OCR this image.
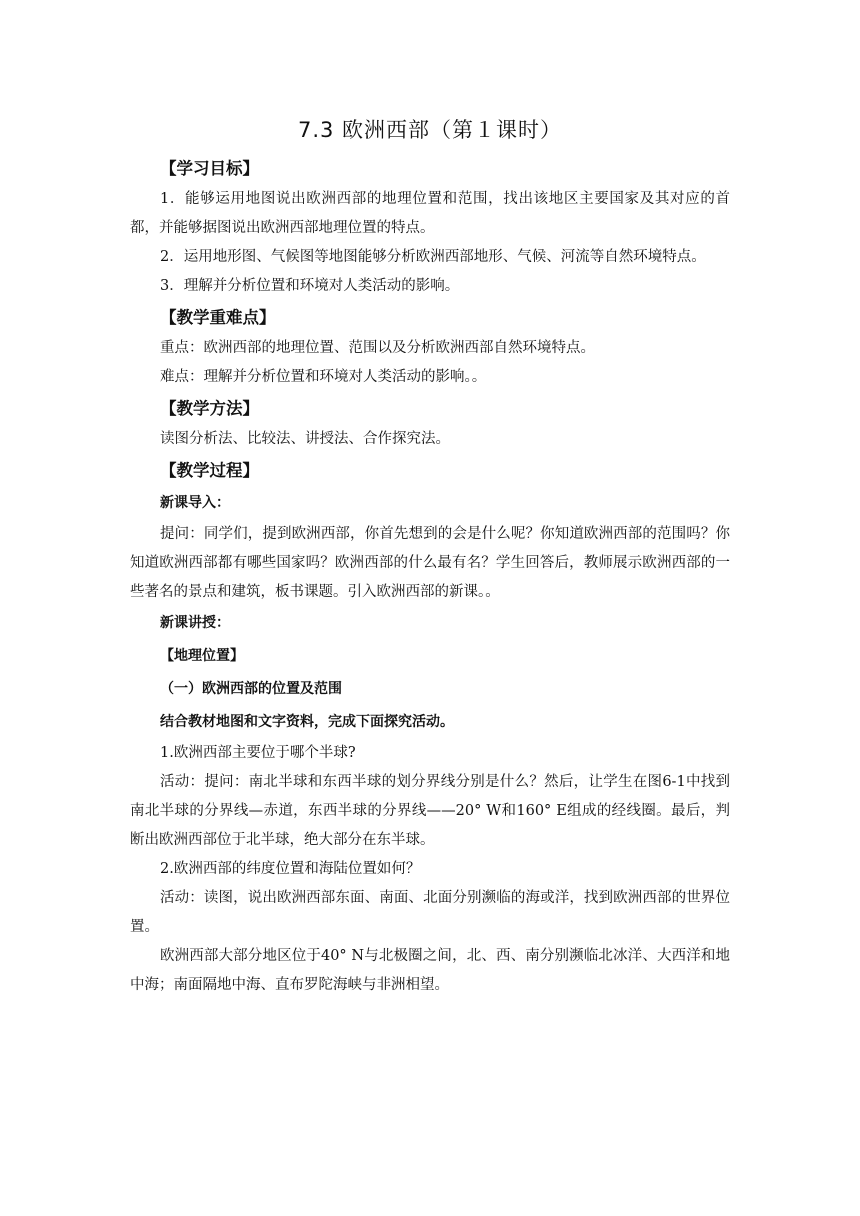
7.3 欧洲西部（第１课时）
【学习目标】

1．能够运用地图说出欧洲西部的地理位置和范围，找出该地区主要国家及其对应的首都，并能够据图说出欧洲西部地理位置的特点。

2．运用地形图、气候图等地图能够分析欧洲西部地形、气候、河流等自然环境特点。

3．理解并分析位置和环境对人类活动的影响。

【教学重难点】

重点：欧洲西部的地理位置、范围以及分析欧洲西部自然环境特点。

难点：理解并分析位置和环境对人类活动的影响。。

【教学方法】

读图分析法、比较法、讲授法、合作探究法。

【教学过程】
新课导入：

提问：同学们，提到欧洲西部，你首先想到的会是什么呢？你知道欧洲西部的范围吗？你知道欧洲西部都有哪些国家吗？欧洲西部的什么最有名？学生回答后，教师展示欧洲西部的一些著名的景点和建筑，板书课题。引入欧洲西部的新课。。

新课讲授：
【地理位置】
（一）欧洲西部的位置及范围
结合教材地图和文字资料，完成下面探究活动。

1.欧洲西部主要位于哪个半球?

活动：提问：南北半球和东西半球的划分界线分别是什么？然后，让学生在图6-1中找到南北半球的分界线—赤道，东西半球的分界线——20° W和160° E组成的经线圈。最后，判断出欧洲西部位于北半球，绝大部分在东半球。

2.欧洲西部的纬度位置和海陆位置如何？

活动：读图，说出欧洲西部东面、南面、北面分别濒临的海或洋，找到欧洲西部的世界位置。

欧洲西部大部分地区位于40° N与北极圈之间，北、西、南分别濒临北冰洋、大西洋和地中海；南面隔地中海、直布罗陀海峡与非洲相望。
